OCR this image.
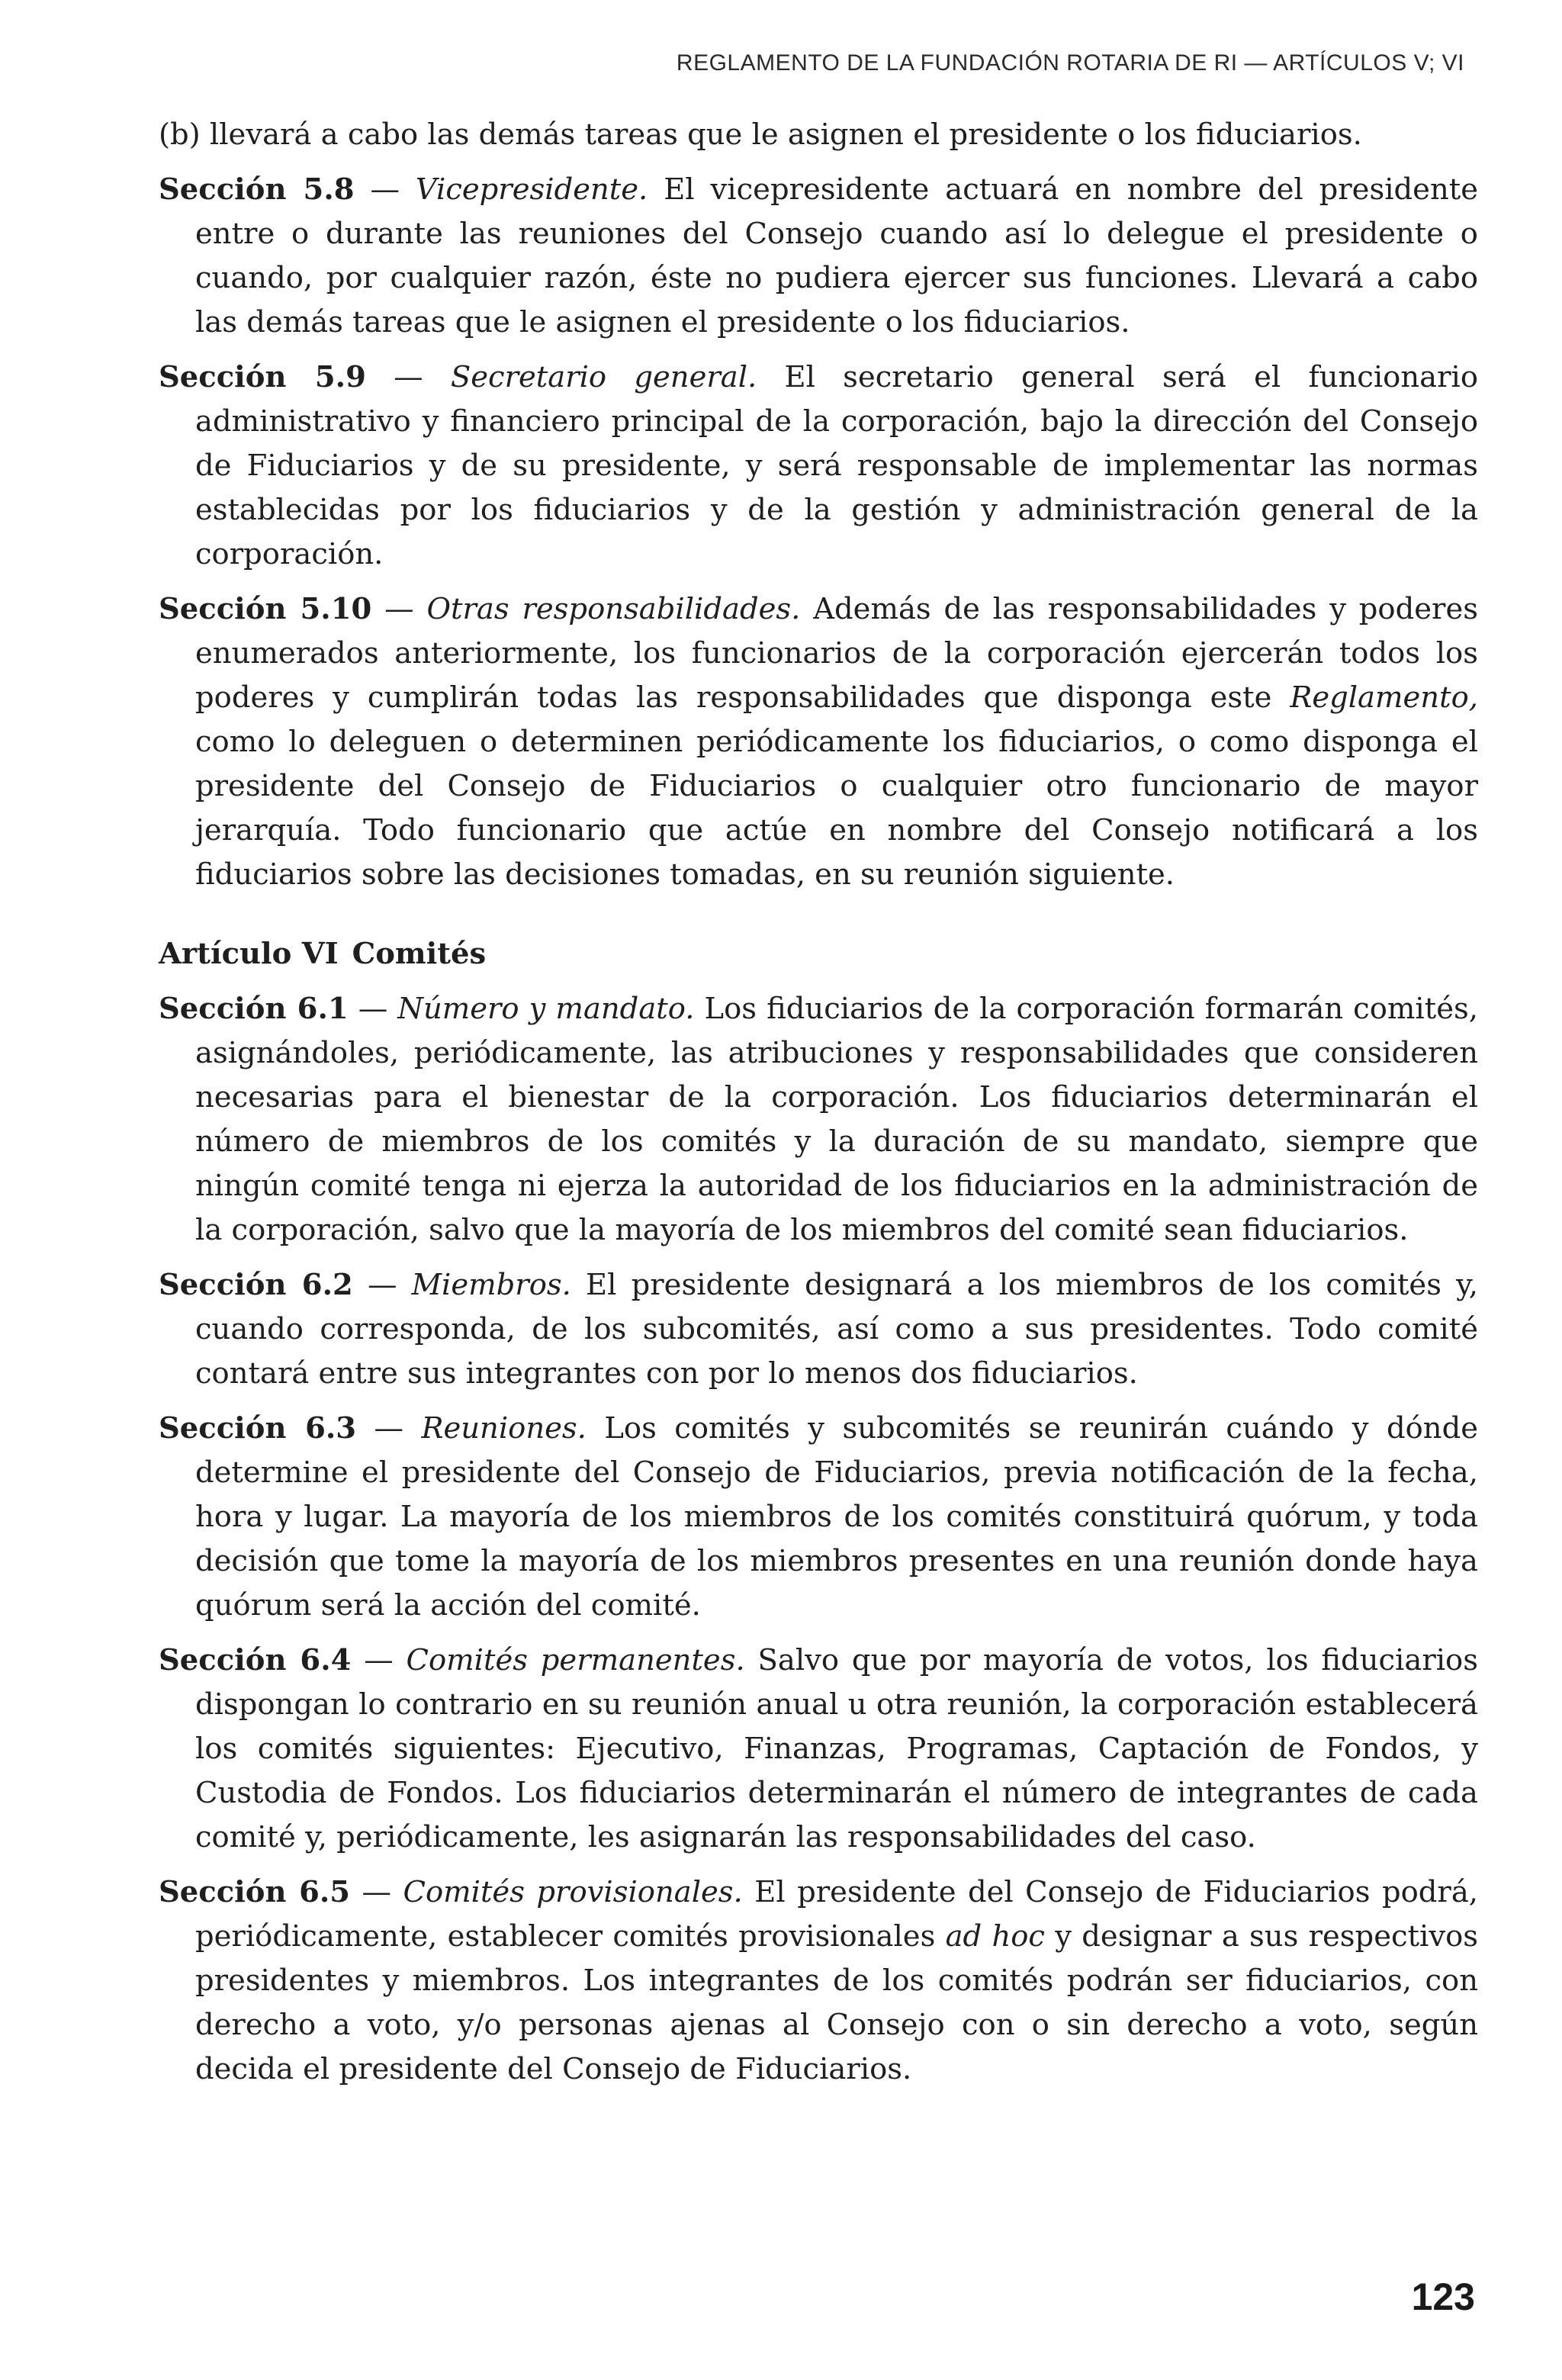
REGLAMENTO DE LA FUNDACIÓN ROTARIA DE RI — ARTÍCULOS V; VI

(b) llevará a cabo las demás tareas que le asignen el presidente o los fiduciarios.

Sección 5.8 — Vicepresidente. El vicepresidente actuará en nombre del presidente entre o durante las reuniones del Consejo cuando así lo delegue el presidente o cuando, por cualquier razón, éste no pudiera ejercer sus funciones. Llevará a cabo las demás tareas que le asignen el presidente o los fiduciarios.

Sección 5.9 — Secretario general. El secretario general será el funcionario administrativo y financiero principal de la corporación, bajo la dirección del Consejo de Fiduciarios y de su presidente, y será responsable de implementar las normas establecidas por los fiduciarios y de la gestión y administración general de la corporación.

Sección 5.10 — Otras responsabilidades. Además de las responsabilidades y poderes enumerados anteriormente, los funcionarios de la corporación ejercerán todos los poderes y cumplirán todas las responsabilidades que disponga este Reglamento, como lo deleguen o determinen periódicamente los fiduciarios, o como disponga el presidente del Consejo de Fiduciarios o cualquier otro funcionario de mayor jerarquía. Todo funcionario que actúe en nombre del Consejo notificará a los fiduciarios sobre las decisiones tomadas, en su reunión siguiente.

Artículo VI Comités

Sección 6.1 — Número y mandato. Los fiduciarios de la corporación formarán comités, asignándoles, periódicamente, las atribuciones y responsabilidades que consideren necesarias para el bienestar de la corporación. Los fiduciarios determinarán el número de miembros de los comités y la duración de su mandato, siempre que ningún comité tenga ni ejerza la autoridad de los fiduciarios en la administración de la corporación, salvo que la mayoría de los miembros del comité sean fiduciarios.

Sección 6.2 — Miembros. El presidente designará a los miembros de los comités y, cuando corresponda, de los subcomités, así como a sus presidentes. Todo comité contará entre sus integrantes con por lo menos dos fiduciarios.

Sección 6.3 — Reuniones. Los comités y subcomités se reunirán cuándo y dónde determine el presidente del Consejo de Fiduciarios, previa notificación de la fecha, hora y lugar. La mayoría de los miembros de los comités constituirá quórum, y toda decisión que tome la mayoría de los miembros presentes en una reunión donde haya quórum será la acción del comité.

Sección 6.4 — Comités permanentes. Salvo que por mayoría de votos, los fiduciarios dispongan lo contrario en su reunión anual u otra reunión, la corporación establecerá los comités siguientes: Ejecutivo, Finanzas, Programas, Captación de Fondos, y Custodia de Fondos. Los fiduciarios determinarán el número de integrantes de cada comité y, periódicamente, les asignarán las responsabilidades del caso.

Sección 6.5 — Comités provisionales. El presidente del Consejo de Fiduciarios podrá, periódicamente, establecer comités provisionales ad hoc y designar a sus respectivos presidentes y miembros. Los integrantes de los comités podrán ser fiduciarios, con derecho a voto, y/o personas ajenas al Consejo con o sin derecho a voto, según decida el presidente del Consejo de Fiduciarios.

123
